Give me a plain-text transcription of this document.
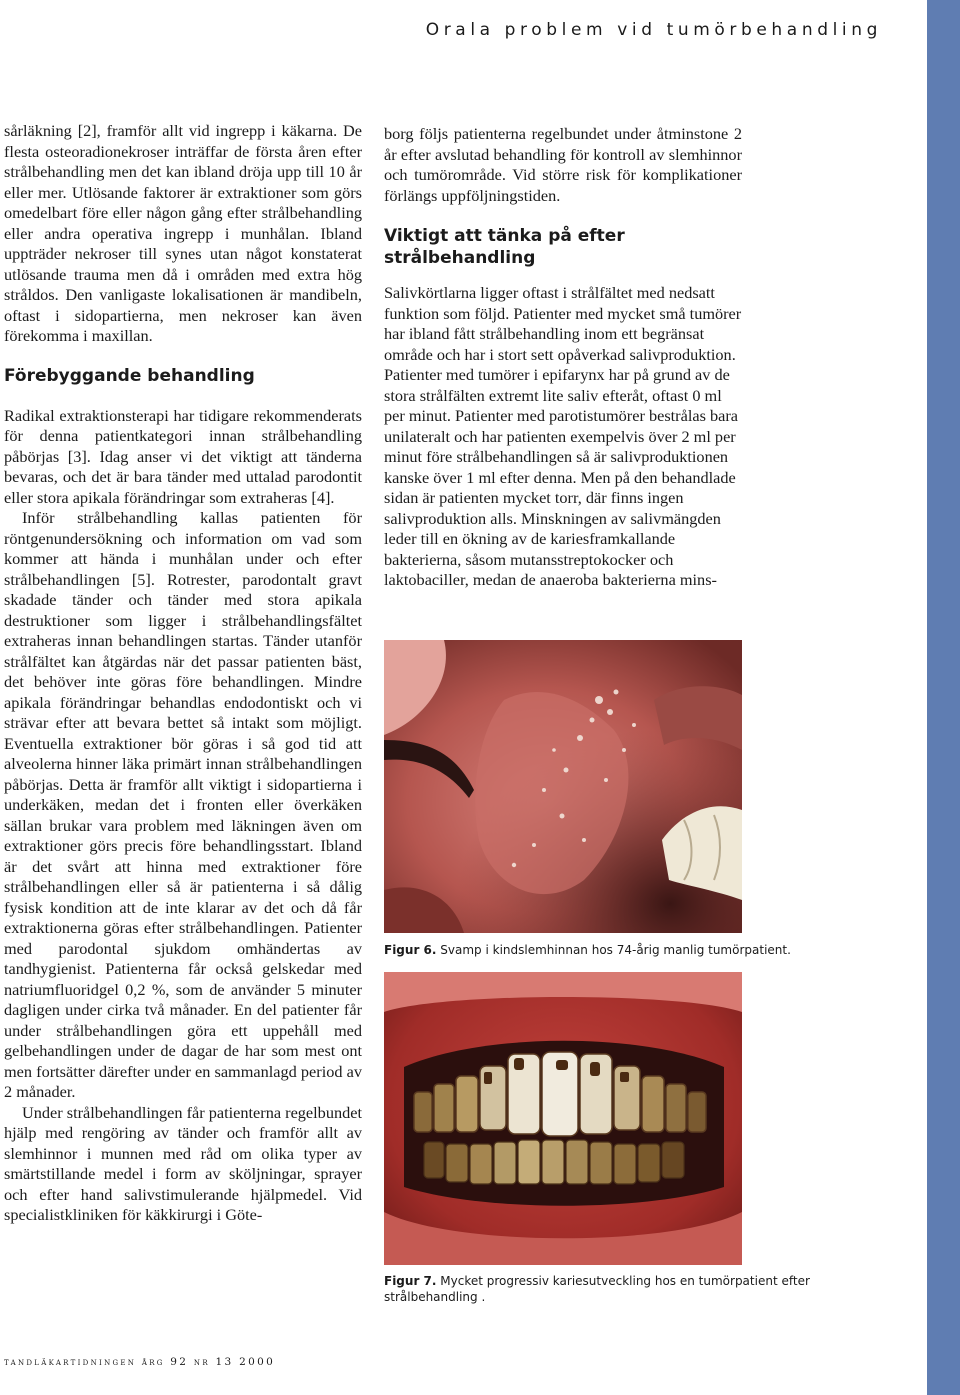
Orala problem vid tumörbehandling

sårläkning [2], framför allt vid ingrepp i käkarna. De flesta osteoradionekroser inträffar de första åren efter strålbehandling men det kan ibland dröja upp till 10 år eller mer. Utlösande faktorer är extraktioner som görs omedelbart före eller någon gång efter strålbehandling eller andra operativa ingrepp i munhålan. Ibland uppträder nekroser till synes utan något konstaterat utlösande trauma men då i områden med extra hög stråldos. Den vanligaste lokalisationen är mandibeln, oftast i sidopartierna, men nekroser kan även förekomma i maxillan.

Förebyggande behandling

Radikal extraktionsterapi har tidigare rekommenderats för denna patientkategori innan strålbehandling påbörjas [3]. Idag anser vi det viktigt att tänderna bevaras, och det är bara tänder med uttalad parodontit eller stora apikala förändringar som extraheras [4].

Inför strålbehandling kallas patienten för röntgenundersökning och information om vad som kommer att hända i munhålan under och efter strålbehandlingen [5]. Rotrester, parodontalt gravt skadade tänder och tänder med stora apikala destruktioner som ligger i strålbehandlingsfältet extraheras innan behandlingen startas. Tänder utanför strålfältet kan åtgärdas när det passar patienten bäst, det behöver inte göras före behandlingen. Mindre apikala förändringar behandlas endodontiskt och vi strävar efter att bevara bettet så intakt som möjligt. Eventuella extraktioner bör göras i så god tid att alveolerna hinner läka primärt innan strålbehandlingen påbörjas. Detta är framför allt viktigt i sidopartierna i underkäken, medan det i fronten eller överkäken sällan brukar vara problem med läkningen även om extraktioner görs precis före behandlingsstart. Ibland är det svårt att hinna med extraktioner före strålbehandlingen eller så är patienterna i så dålig fysisk kondition att de inte klarar av det och då får extraktionerna göras efter strålbehandlingen. Patienter med parodontal sjukdom omhändertas av tandhygienist. Patienterna får också gelskedar med natriumfluoridgel 0,2 %, som de använder 5 minuter dagligen under cirka två månader. En del patienter får under strålbehandlingen göra ett uppehåll med gelbehandlingen under de dagar de har som mest ont men fortsätter därefter under en sammanlagd period av 2 månader.

Under strålbehandlingen får patienterna regelbundet hjälp med rengöring av tänder och framför allt av slemhinnor i munnen med råd om olika typer av smärtstillande medel i form av sköljningar, sprayer och efter hand salivstimulerande hjälpmedel. Vid specialistkliniken för käkkirurgi i Göte-

borg följs patienterna regelbundet under åtminstone 2 år efter avslutad behandling för kontroll av slemhinnor och tumörområde. Vid större risk för komplikationer förlängs uppföljningstiden.

Viktigt att tänka på efter strålbehandling

Salivkörtlarna ligger oftast i strålfältet med nedsatt funktion som följd. Patienter med mycket små tumörer har ibland fått strålbehandling inom ett begränsat område och har i stort sett opåverkad salivproduktion. Patienter med tumörer i epifarynx har på grund av de stora strålfälten extremt lite saliv efteråt, oftast 0 ml per minut. Patienter med parotistumörer bestrålas bara unilateralt och har patienten exempelvis över 2 ml per minut före strålbehandlingen så är salivproduktionen kanske över 1 ml efter denna. Men på den behandlade sidan är patienten mycket torr, där finns ingen salivproduktion alls. Minskningen av salivmängden leder till en ökning av de kariesframkallande bakterierna, såsom mutansstreptokocker och laktobaciller, medan de anaeroba bakterierna mins-

Figur 6. Svamp i kindslemhinnan hos 74-årig manlig tumörpatient.
Figur 7. Mycket progressiv kariesutveckling hos en tumörpatient efter strålbehandling .
tandläkartidningen årg 92 nr 13 2000
